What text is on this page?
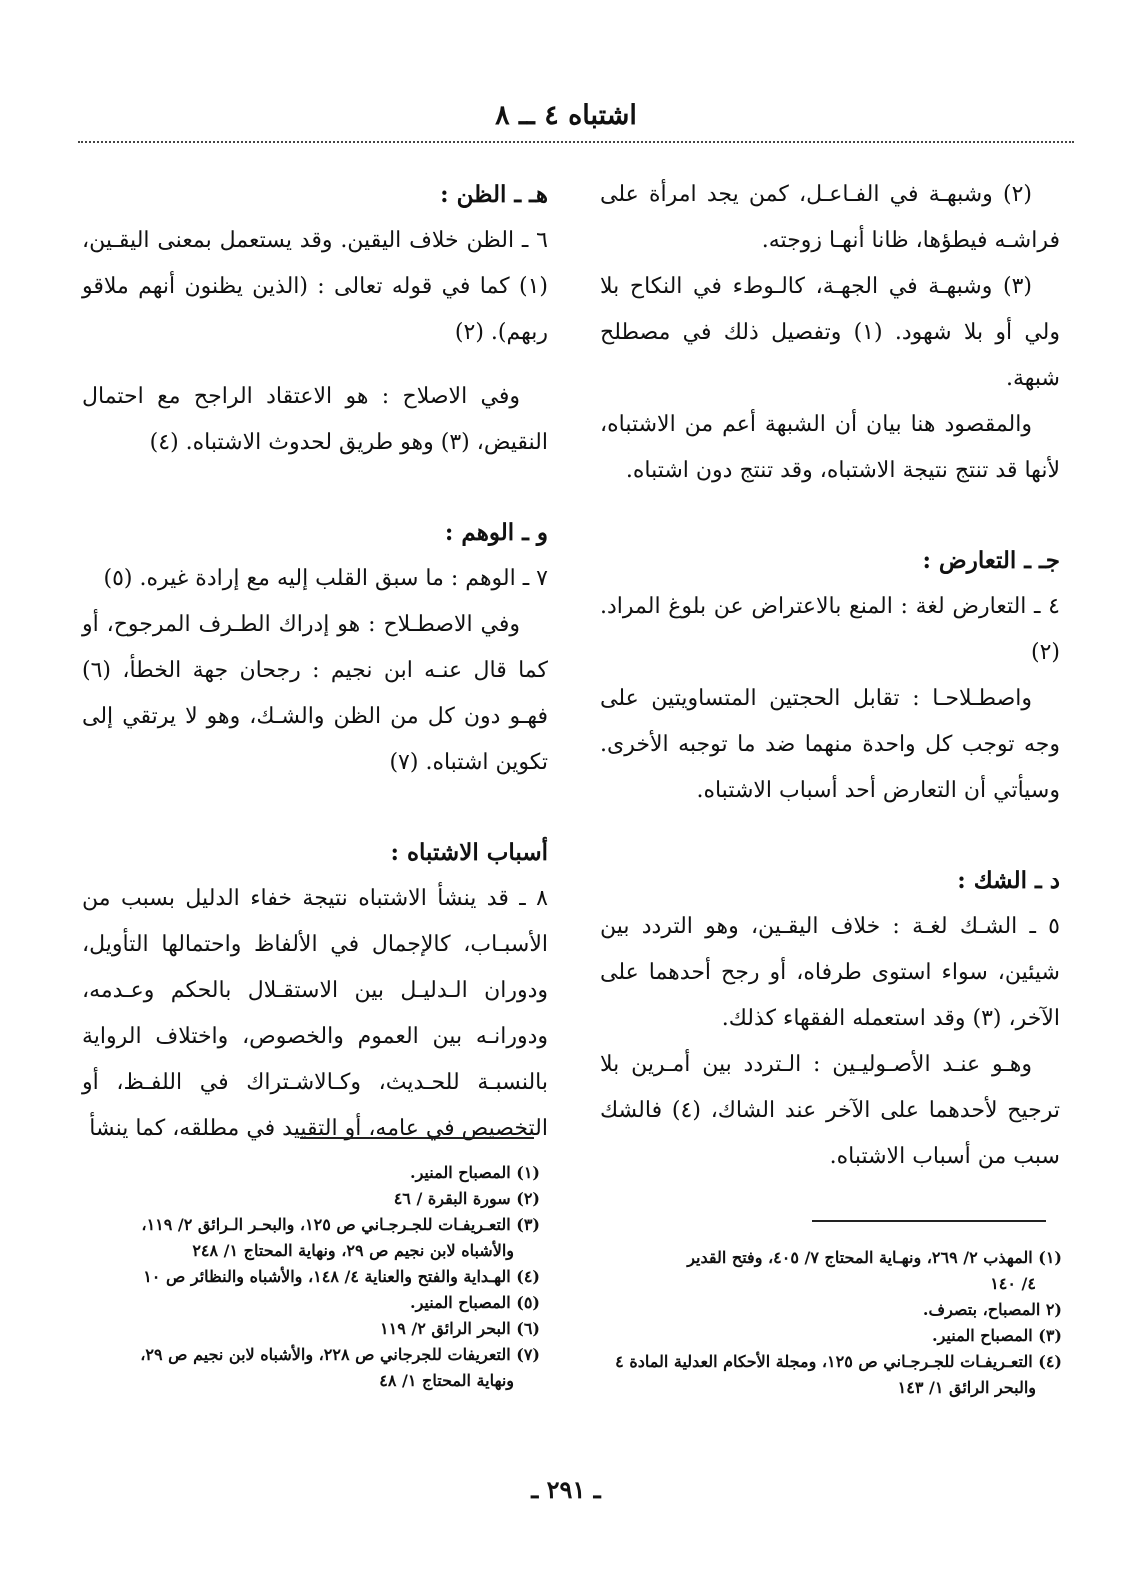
اشتباه ٤ ــ ٨

(٢) وشبهـة في الفـاعـل، كمن يجد امرأة على فراشـه فيطؤها، ظانا أنهـا زوجته.

(٣) وشبهـة في الجهـة، كالـوطء في النكاح بلا ولي أو بلا شهود. (١) وتفصيل ذلك في مصطلح شبهة.

والمقصود هنا بيان أن الشبهة أعم من الاشتباه، لأنها قد تنتج نتيجة الاشتباه، وقد تنتج دون اشتباه.

جـ ـ التعارض :

٤ ـ التعارض لغة : المنع بالاعتراض عن بلوغ المراد. (٢)

واصطـلاحـا : تقابل الحجتين المتساويتين على وجه توجب كل واحدة منهما ضد ما توجبه الأخرى. وسيأتي أن التعارض أحد أسباب الاشتباه.

د ـ الشك :

٥ ـ الشـك لغـة : خلاف اليقـين، وهو التردد بين شيئين، سواء استوى طرفاه، أو رجح أحدهما على الآخر، (٣) وقد استعمله الفقهاء كذلك.

وهـو عنـد الأصـوليـين : الـتردد بين أمـرين بلا ترجيح لأحدهما على الآخر عند الشاك، (٤) فالشك سبب من أسباب الاشتباه.

هـ ـ الظن :

٦ ـ الظن خلاف اليقين. وقد يستعمل بمعنى اليقـين، (١) كما في قوله تعالى : (الذين يظنون أنهم ملاقو ربهم). (٢)

وفي الاصلاح : هو الاعتقاد الراجح مع احتمال النقيض، (٣) وهو طريق لحدوث الاشتباه. (٤)

و ـ الوهم :

٧ ـ الوهم : ما سبق القلب إليه مع إرادة غيره. (٥)

وفي الاصطـلاح : هو إدراك الطـرف المرجوح، أو كما قال عنـه ابن نجيم : رجحان جهة الخطأ، (٦) فهـو دون كل من الظن والشـك، وهو لا يرتقي إلى تكوين اشتباه. (٧)

أسباب الاشتباه :

٨ ـ قد ينشأ الاشتباه نتيجة خفاء الدليل بسبب من الأسبـاب، كالإجمال في الألفاظ واحتمالها التأويل، ودوران الـدليـل بين الاستقـلال بالحكم وعـدمه، ودورانـه بين العموم والخصوص، واختلاف الرواية بالنسبـة للحـديث، وكـالاشـتراك في اللفـظ، أو التخصيص في عامه، أو التقييد في مطلقه، كما ينشأ

(١) المصباح المنير.
(٢) سورة البقرة / ٤٦
(٣) التعـريفـات للجـرجـاني ص ١٢٥، والبحـر الـرائق ٢/ ١١٩،
والأشباه لابن نجيم ص ٢٩، ونهاية المحتاج ١/ ٢٤٨
(٤) الهـداية والفتح والعناية ٤/ ١٤٨، والأشباه والنظائر ص ١٠
(٥) المصباح المنير.
(٦) البحر الرائق ٢/ ١١٩
(٧) التعريفات للجرجاني ص ٢٢٨، والأشباه لابن نجيم ص ٢٩،
ونهاية المحتاج ١/ ٤٨
(١) المهذب ٢/ ٢٦٩، ونهـاية المحتاج ٧/ ٤٠٥، وفتح القدير
٤/ ١٤٠
(٢ المصباح، بتصرف.
(٣) المصباح المنير.
(٤) التعـريفـات للجـرجـاني ص ١٢٥، ومجلة الأحكام العدلية المادة ٤
والبحر الرائق ١/ ١٤٣
ـ ٢٩١ ـ
